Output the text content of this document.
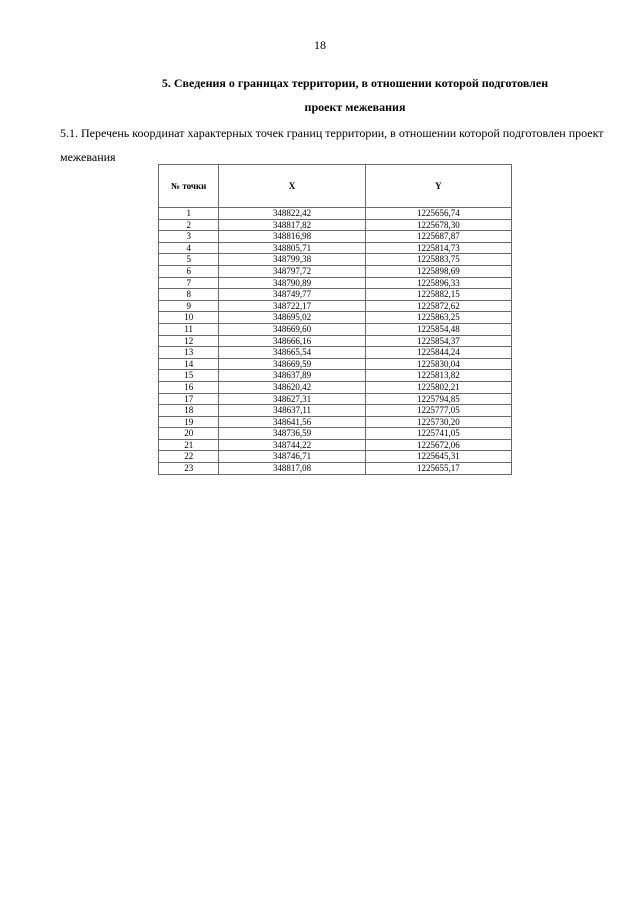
18
5. Сведения о границах территории, в отношении которой подготовлен
проект межевания
5.1. Перечень координат характерных точек границ территории, в отношении которой подготовлен проект межевания
№ точки	X	Y
1	348822,42	1225656,74
2	348817,82	1225678,30
3	348816,98	1225687,87
4	348805,71	1225814,73
5	348799,38	1225883,75
6	348797,72	1225898,69
7	348790,89	1225896,33
8	348749,77	1225882,15
9	348722,17	1225872,62
10	348695,02	1225863,25
11	348669,60	1225854,48
12	348666,16	1225854,37
13	348665,54	1225844,24
14	348669,59	1225830,04
15	348637,89	1225813,82
16	348620,42	1225802,21
17	348627,31	1225794,85
18	348637,11	1225777,05
19	348641,56	1225730,20
20	348736,59	1225741,05
21	348744,22	1225672,06
22	348746,71	1225645,31
23	348817,08	1225655,17
